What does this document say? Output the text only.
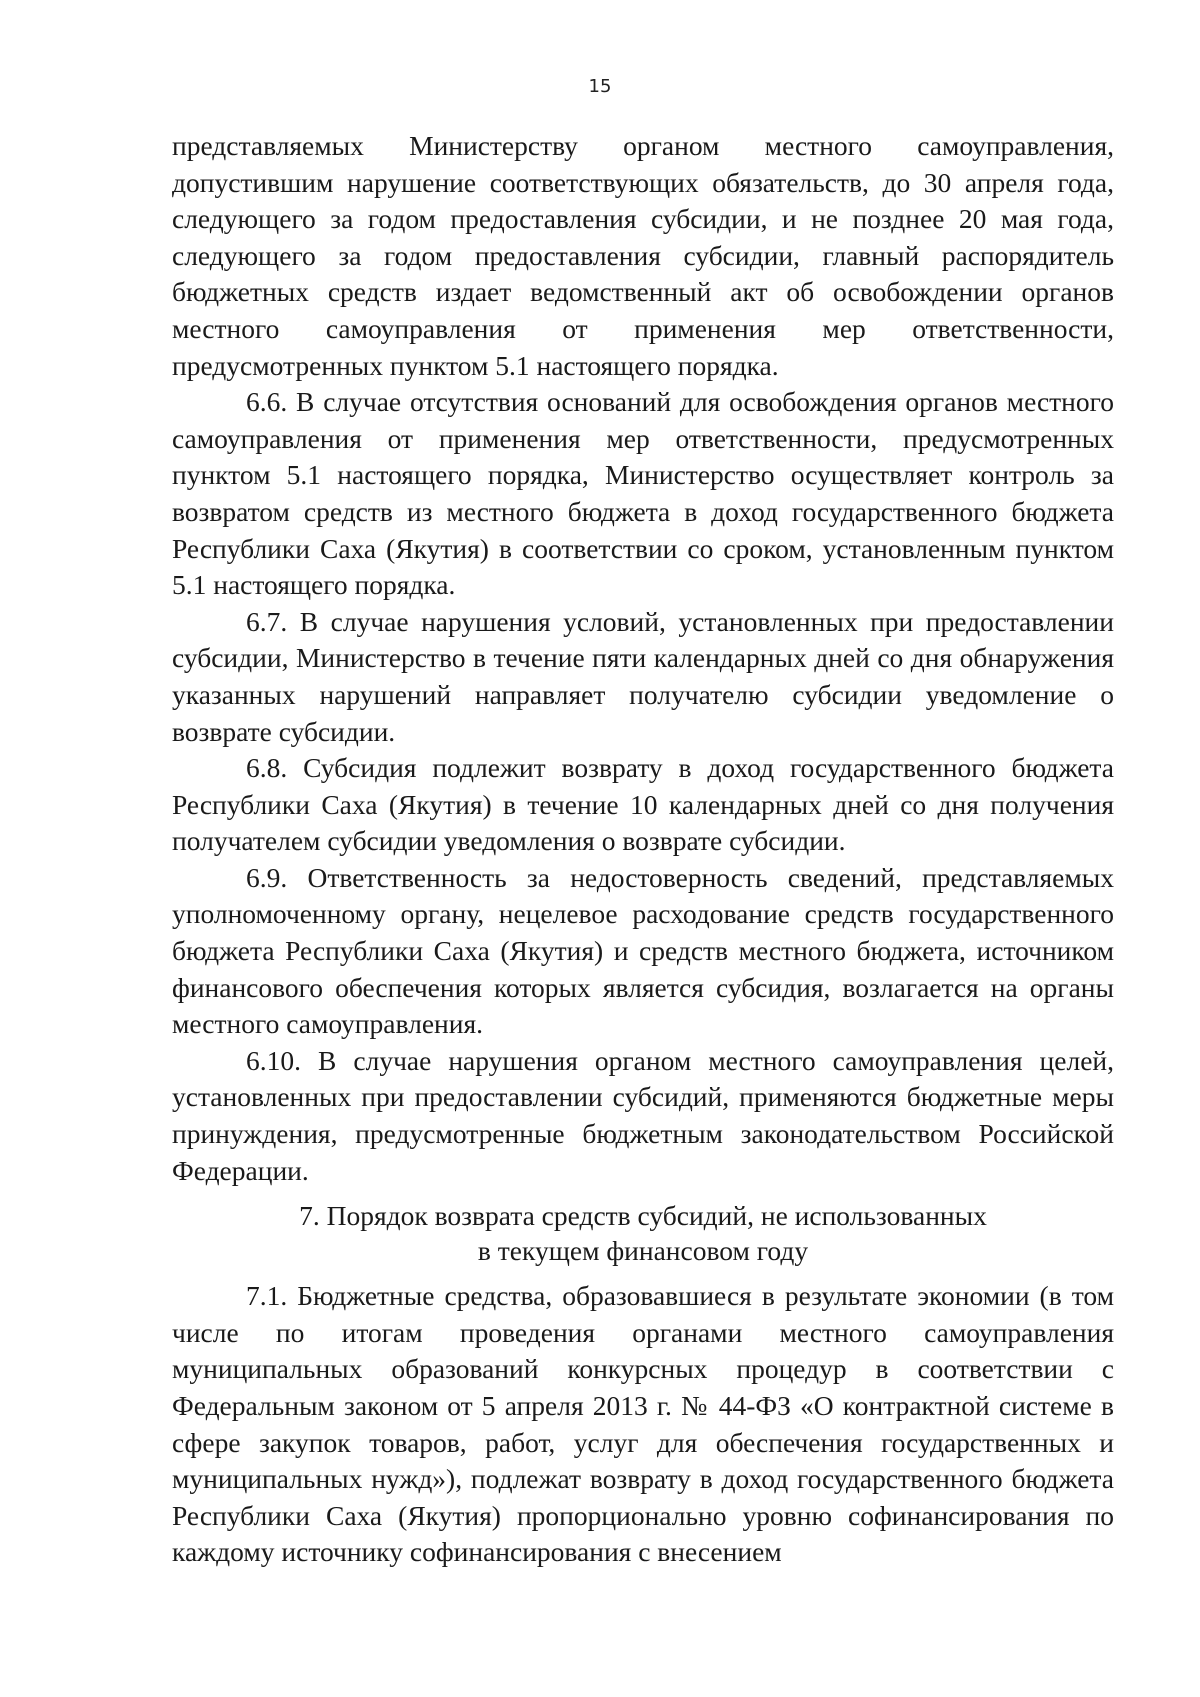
15

представляемых Министерству органом местного самоуправления, допустившим нарушение соответствующих обязательств, до 30 апреля года, следующего за годом предоставления субсидии, и не позднее 20 мая года, следующего за годом предоставления субсидии, главный распорядитель бюджетных средств издает ведомственный акт об освобождении органов местного самоуправления от применения мер ответственности, предусмотренных пунктом 5.1 настоящего порядка.

6.6. В случае отсутствия оснований для освобождения органов местного самоуправления от применения мер ответственности, предусмотренных пунктом 5.1 настоящего порядка, Министерство осуществляет контроль за возвратом средств из местного бюджета в доход государственного бюджета Республики Саха (Якутия) в соответствии со сроком, установленным пунктом 5.1 настоящего порядка.

6.7. В случае нарушения условий, установленных при предоставлении субсидии, Министерство в течение пяти календарных дней со дня обнаружения указанных нарушений направляет получателю субсидии уведомление о возврате субсидии.

6.8. Субсидия подлежит возврату в доход государственного бюджета Республики Саха (Якутия) в течение 10 календарных дней со дня получения получателем субсидии уведомления о возврате субсидии.

6.9. Ответственность за недостоверность сведений, представляемых уполномоченному органу, нецелевое расходование средств государственного бюджета Республики Саха (Якутия) и средств местного бюджета, источником финансового обеспечения которых является субсидия, возлагается на органы местного самоуправления.

6.10. В случае нарушения органом местного самоуправления целей, установленных при предоставлении субсидий, применяются бюджетные меры принуждения, предусмотренные бюджетным законодательством Российской Федерации.

7. Порядок возврата средств субсидий, не использованных
в текущем финансовом году

7.1. Бюджетные средства, образовавшиеся в результате экономии (в том числе по итогам проведения органами местного самоуправления муниципальных образований конкурсных процедур в соответствии с Федеральным законом от 5 апреля 2013 г. № 44-ФЗ «О контрактной системе в сфере закупок товаров, работ, услуг для обеспечения государственных и муниципальных нужд»), подлежат возврату в доход государственного бюджета Республики Саха (Якутия) пропорционально уровню софинансирования по каждому источнику софинансирования с внесением
